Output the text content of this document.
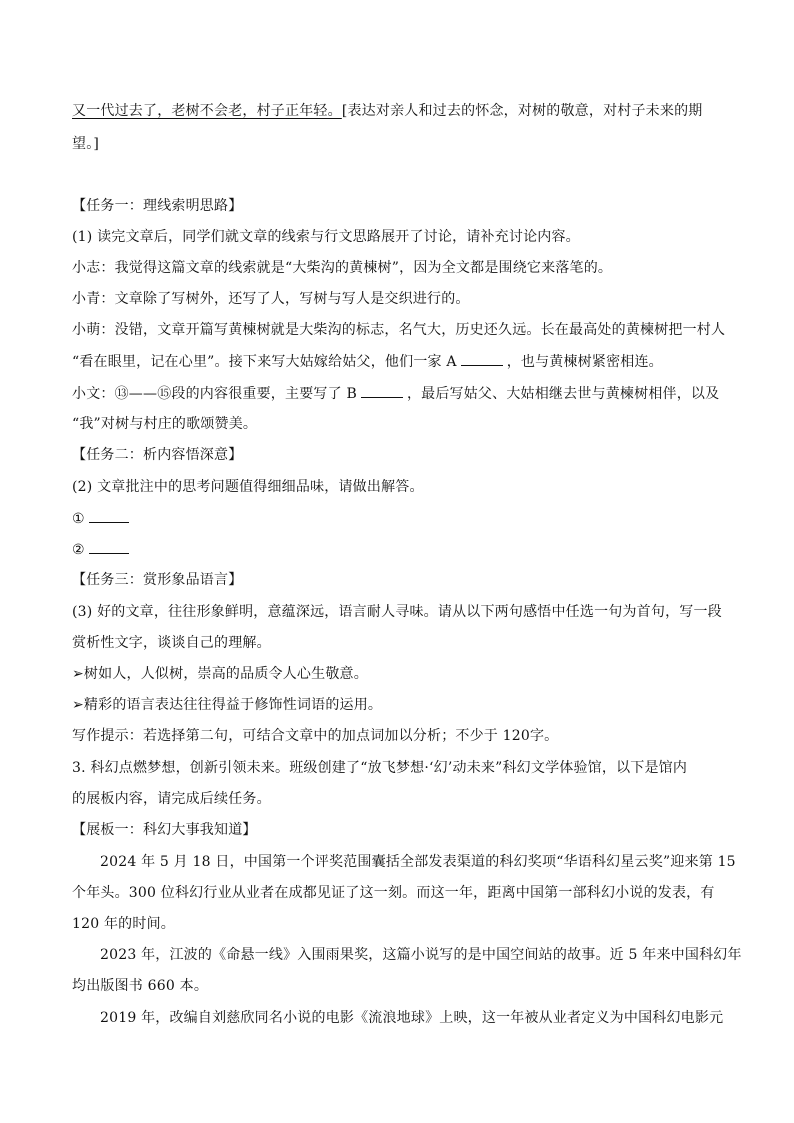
又一代过去了，老树不会老，村子正年轻。[表达对亲人和过去的怀念，对树的敬意，对村子未来的期
望。]
【任务一：理线索明思路】
(1) 读完文章后，同学们就文章的线索与行文思路展开了讨论，请补充讨论内容。
小志：我觉得这篇文章的线索就是“大柴沟的黄楝树”，因为全文都是围绕它来落笔的。
小青：文章除了写树外，还写了人，写树与写人是交织进行的。
小萌：没错，文章开篇写黄楝树就是大柴沟的标志，名气大，历史还久远。长在最高处的黄楝树把一村人
“看在眼里，记在心里”。接下来写大姑嫁给姑父，他们一家 A	，也与黄楝树紧密相连。
小文：⑬——⑮段的内容很重要，主要写了 B	，最后写姑父、大姑相继去世与黄楝树相伴，以及
“我”对树与村庄的歌颂赞美。
【任务二：析内容悟深意】
(2) 文章批注中的思考问题值得细细品味，请做出解答。
①
②
【任务三：赏形象品语言】
(3) 好的文章，往往形象鲜明，意蕴深远，语言耐人寻味。请从以下两句感悟中任选一句为首句，写一段
赏析性文字，谈谈自己的理解。
➢树如人，人似树，崇高的品质令人心生敬意。
➢精彩的语言表达往往得益于修饰性词语的运用。
写作提示：若选择第二句，可结合文章中的加点词加以分析；不少于 120字。
3. 科幻点燃梦想，创新引领未来。班级创建了“放飞梦想·‘幻’动未来”科幻文学体验馆，以下是馆内
的展板内容，请完成后续任务。
【展板一：科幻大事我知道】
2024 年 5 月 18 日，中国第一个评奖范围囊括全部发表渠道的科幻奖项“华语科幻星云奖”迎来第 15
个年头。300 位科幻行业从业者在成都见证了这一刻。而这一年，距离中国第一部科幻小说的发表，有
120 年的时间。
2023 年，江波的《命悬一线》入围雨果奖，这篇小说写的是中国空间站的故事。近 5 年来中国科幻年
均出版图书 660 本。
2019 年，改编自刘慈欣同名小说的电影《流浪地球》上映，这一年被从业者定义为中国科幻电影元
